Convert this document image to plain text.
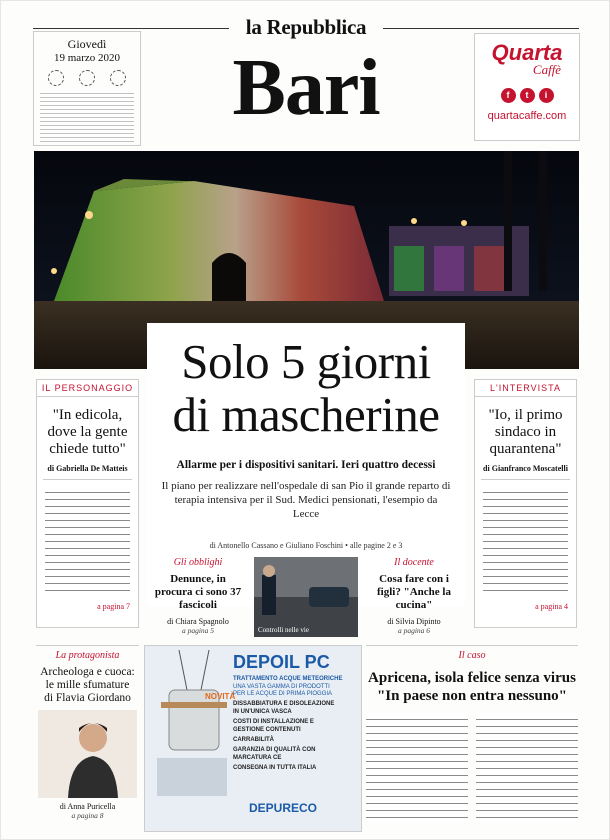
la Repubblica
Bari
Giovedì
19 marzo 2020	Quarta
Caffè
f	t	i
quartacaffe.com
Solo 5 giorni
di mascherine
Allarme per i dispositivi sanitari. Ieri quattro decessi
Il piano per realizzare nell'ospedale di san Pio il grande reparto di terapia intensiva per il Sud. Medici pensionati, l'esempio da Lecce
di Antonello Cassano e Giuliano Foschini • alle pagine 2 e 3
IL PERSONAGGIO
"In edicola, dove la gente chiede tutto"
di Gabriella De Matteis
a pagina 7
L'INTERVISTA
"Io, il primo sindaco in quarantena"
di Gianfranco Moscatelli
a pagina 4
Gli obblighi
Denunce, in procura ci sono 37 fascicoli
di Chiara Spagnolo
a pagina 5	Controlli nelle vie
Il docente
Cosa fare con i figli? "Anche la cucina"
di Silvia Dipinto
a pagina 6
La protagonista
Archeologa e cuoca: le mille sfumature di Flavia Giordano
di Anna Puricella
a pagina 8
DEPOIL PC
TRATTAMENTO ACQUE METEORICHE
UNA VASTA GAMMA DI PRODOTTI
PER LE ACQUE DI PRIMA PIOGGIA
NOVITÀ
DISSABBIATURA E DISOLEAZIONE
IN UN'UNICA VASCA
COSTI DI INSTALLAZIONE E
GESTIONE CONTENUTI
CARRABILITÀ
GARANZIA DI QUALITÀ CON
MARCATURA CE
CONSEGNA IN TUTTA ITALIA
DEPURECO
Il caso
Apricena, isola felice senza virus "In paese non entra nessuno"
